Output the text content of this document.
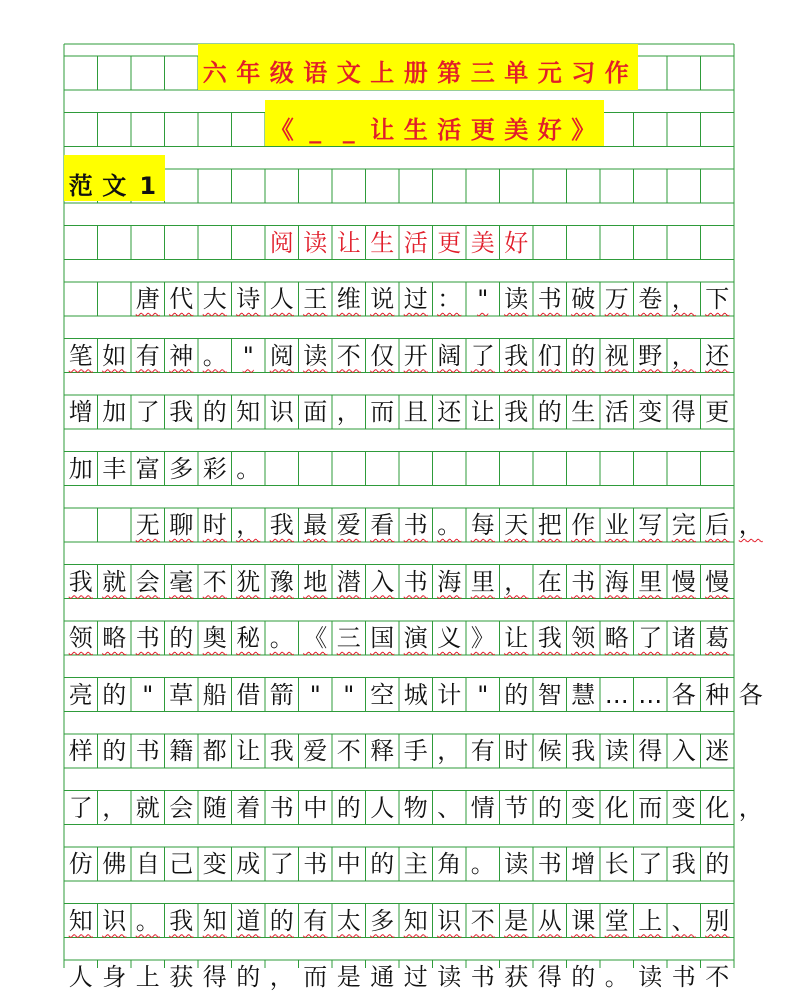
六 年 级 语 文 上 册 第 三 单 元 习 作
《 _ _ 让 生 活 更 美 好 》
范 文 1
阅 读 让 生 活 更 美 好
唐 代 大 诗 人 王 维 说 过 ： " 读 书 破 万 卷 ， 下
笔 如 有 神 。 " 阅 读 不 仅 开 阔 了 我 们 的 视 野 ， 还
增 加 了 我 的 知 识 面 ， 而 且 还 让 我 的 生 活 变 得 更
加 丰 富 多 彩 。
无 聊 时 ， 我 最 爱 看 书 。 每 天 把 作 业 写 完 后 ，
我 就 会 毫 不 犹 豫 地 潜 入 书 海 里 ， 在 书 海 里 慢 慢
领 略 书 的 奥 秘 。 《 三 国 演 义 》 让 我 领 略 了 诸 葛
亮 的 " 草 船 借 箭 " " 空 城 计 " 的 智 慧 … … 各 种 各
样 的 书 籍 都 让 我 爱 不 释 手 ， 有 时 候 我 读 得 入 迷
了 ， 就 会 随 着 书 中 的 人 物 、 情 节 的 变 化 而 变 化 ，
仿 佛 自 己 变 成 了 书 中 的 主 角 。 读 书 增 长 了 我 的
知 识 。 我 知 道 的 有 太 多 知 识 不 是 从 课 堂 上 、 别
人 身 上 获 得 的 ， 而 是 通 过 读 书 获 得 的 。 读 书 不
